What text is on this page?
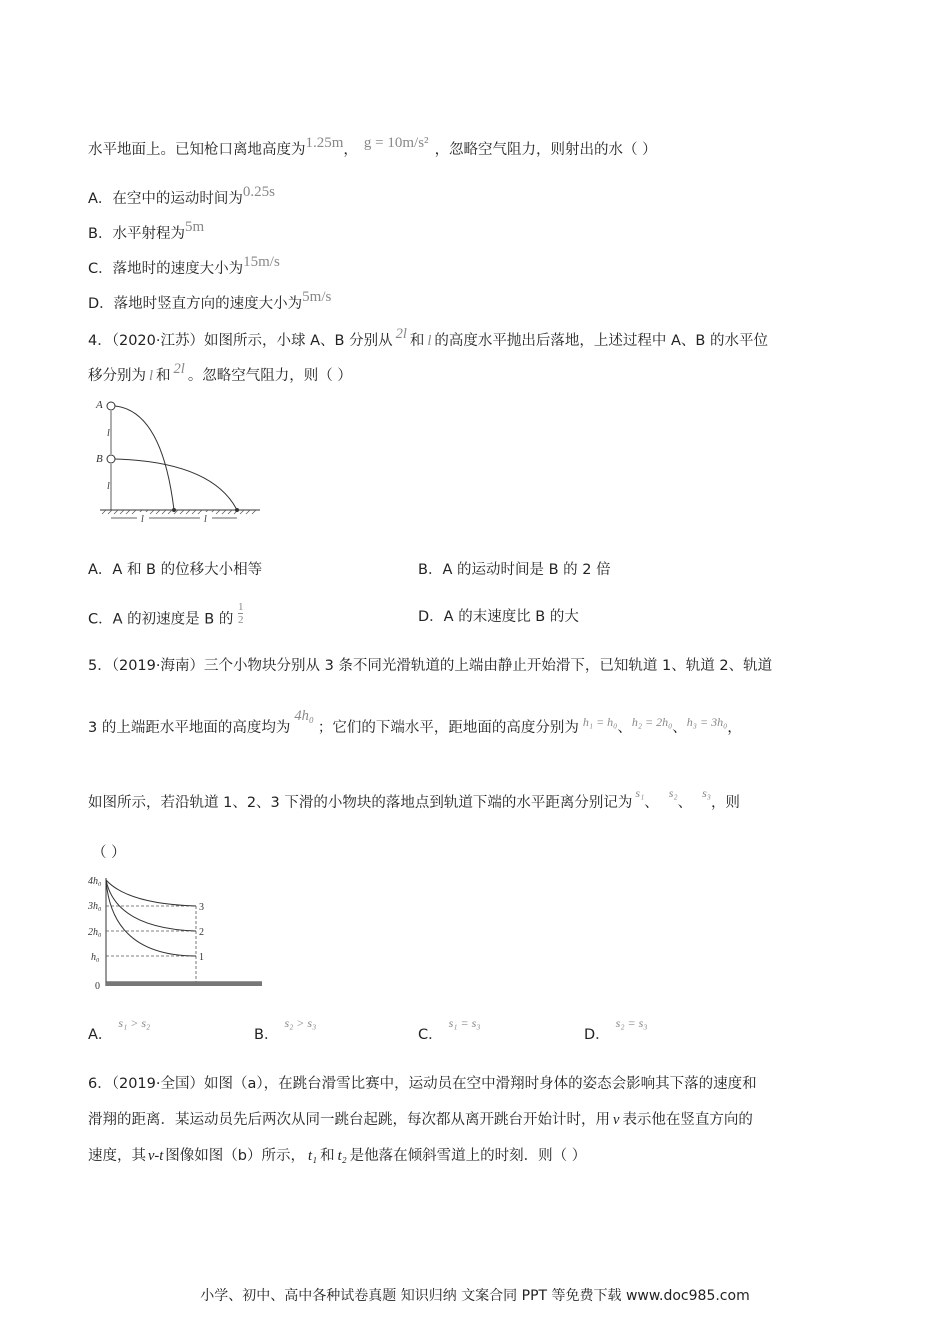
水平地面上。已知枪口离地高度为1.25m， g = 10m/s² ，忽略空气阻力，则射出的水（ ）
A．在空中的运动时间为0.25s
B．水平射程为5m
C．落地时的速度大小为15m/s
D．落地时竖直方向的速度大小为5m/s
4．（2020·江苏）如图所示，小球 A、B 分别从 2l 和 l 的高度水平抛出后落地，上述过程中 A、B 的水平位
移分别为 l 和 2l 。忽略空气阻力，则（ ）
A
B
l
l
l	l
A．A 和 B 的位移大小相等	B．A 的运动时间是 B 的 2 倍
C．A 的初速度是 B 的 $\frac{1}{2}$	D．A 的末速度比 B 的大
5．（2019·海南）三个小物块分别从 3 条不同光滑轨道的上端由静止开始滑下，已知轨道 1、轨道 2、轨道
3 的上端距水平地面的高度均为4h₀；它们的下端水平，距地面的高度分别为 $^{h_1 = h_0}$、$^{h_2 = 2h_0}$、$^{h_3 = 3h_0}$，
如图所示，若沿轨道 1、2、3 下滑的小物块的落地点到轨道下端的水平距离分别记为$^{s_1}$、$^{s_2}$、$^{s_3}$，则
（ ）
4h₀
3h₀
2h₀
h₀
0
3
2
1
A．$^{s_1 > s_2}$
B．$^{s_2 > s_3}$
C．$^{s_1 = s_3}$
D．$^{s_2 = s_3}$
6．（2019·全国）如图（a），在跳台滑雪比赛中，运动员在空中滑翔时身体的姿态会影响其下落的速度和
滑翔的距离．某运动员先后两次从同一跳台起跳，每次都从离开跳台开始计时，用 v 表示他在竖直方向的
速度，其 v-t 图像如图（b）所示， t₁ 和 t₂ 是他落在倾斜雪道上的时刻．则（ ）
小学、初中、高中各种试卷真题 知识归纳 文案合同 PPT 等免费下载 www.doc985.com
